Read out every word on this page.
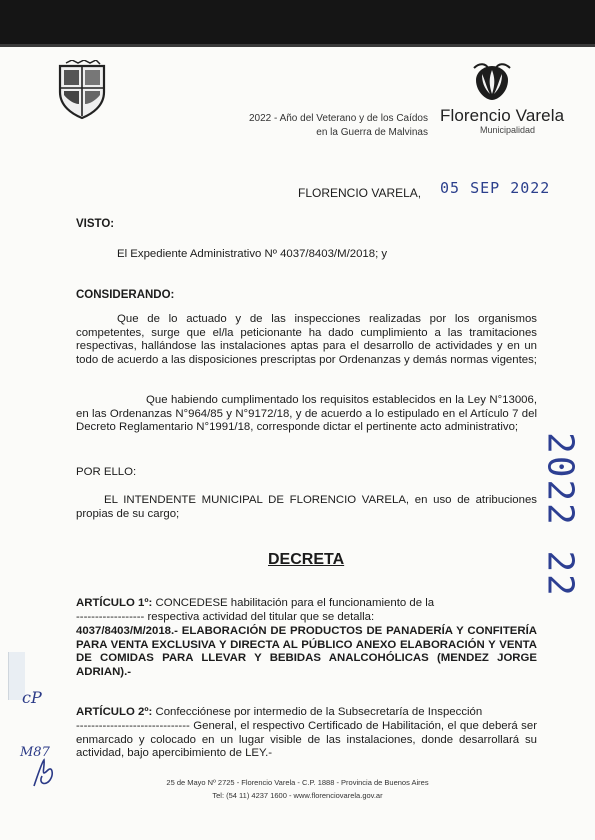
2022 - Año del Veterano y de los Caídos
en la Guerra de Malvinas
Florencio Varela
Municipalidad
FLORENCIO VARELA, 05 SEP 2022
VISTO:
El Expediente Administrativo Nº 4037/8403/M/2018; y
CONSIDERANDO:
Que de lo actuado y de las inspecciones realizadas por los organismos competentes, surge que el/la peticionante ha dado cumplimiento a las tramitaciones respectivas, hallándose las instalaciones aptas para el desarrollo de actividades y en un todo de acuerdo a las disposiciones prescriptas por Ordenanzas y demás normas vigentes;
Que habiendo cumplimentado los requisitos establecidos en la Ley N°13006, en las Ordenanzas N°964/85 y N°9172/18, y de acuerdo a lo estipulado en el Artículo 7 del Decreto Reglamentario N°1991/18, corresponde dictar el pertinente acto administrativo;
POR ELLO:
EL INTENDENTE MUNICIPAL DE FLORENCIO VARELA, en uso de atribuciones propias de su cargo;
DECRETA	2022 22
ARTÍCULO 1º: CONCEDESE habilitación para el funcionamiento de la
------------------ respectiva actividad del titular que se detalla:
4037/8403/M/2018.- ELABORACIÓN DE PRODUCTOS DE PANADERÍA Y CONFITERÍA PARA VENTA EXCLUSIVA Y DIRECTA AL PÚBLICO ANEXO ELABORACIÓN Y VENTA DE COMIDAS PARA LLEVAR Y BEBIDAS ANALCOHÓLICAS (MENDEZ JORGE ADRIAN).-
ARTÍCULO 2º: Confecciónese por intermedio de la Subsecretaría de Inspección
------------------------------ General, el respectivo Certificado de Habilitación, el que deberá ser enmarcado y colocado en un lugar visible de las instalaciones, donde desarrollará su actividad, bajo apercibimiento de LEY.-
cP
M87
25 de Mayo Nº 2725 - Florencio Varela - C.P. 1888 - Provincia de Buenos Aires
Tel: (54 11) 4237 1600 - www.florenciovarela.gov.ar
